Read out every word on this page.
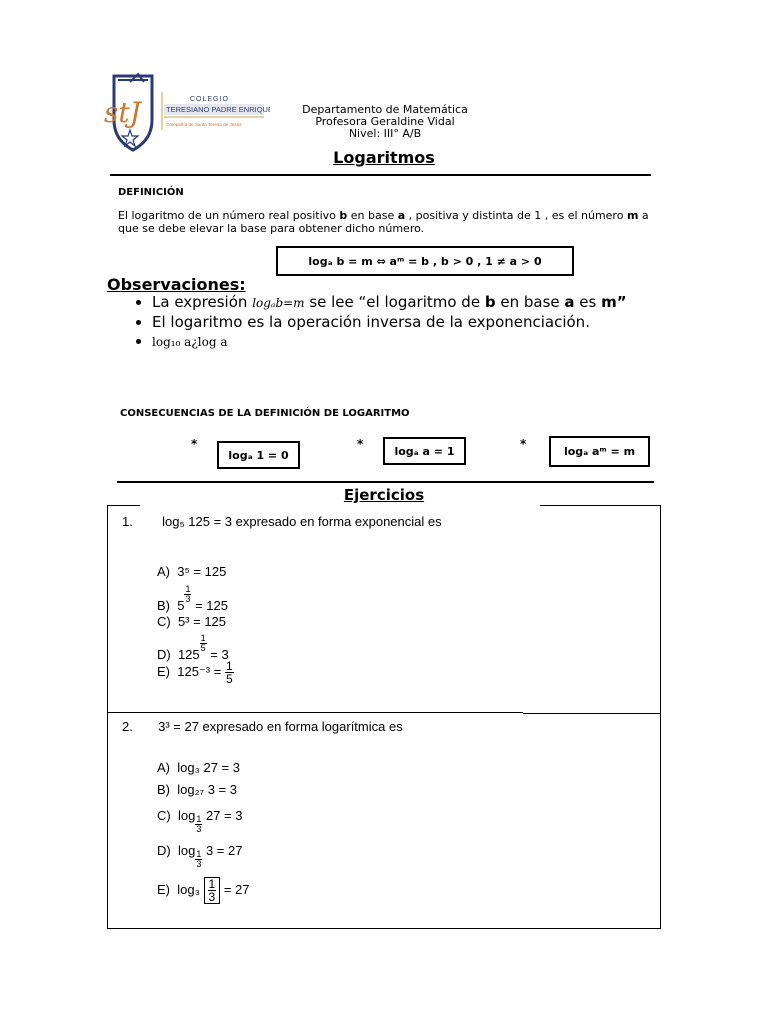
stJ	COLEGIO
TERESIANO PADRE ENRIQUE
Compañía de Santa Teresa de Jesús
Departamento de Matemática
Profesora Geraldine Vidal
Nivel: III° A/B
Logaritmos
DEFINICIÓN
El logaritmo de un número real positivo b en base a , positiva y distinta de 1 , es el número m a que se debe elevar la base para obtener dicho número.
logₐ b = m ⇔ aᵐ = b , b > 0 , 1 ≠ a > 0
Observaciones:
• La expresión logₐb=m se lee “el logaritmo de b en base a es m”
• El logaritmo es la operación inversa de la exponenciación.
• log₁₀ a¿log a
CONSECUENCIAS DE LA DEFINICIÓN DE LOGARITMO
*
logₐ 1 = 0
*	logₐ a = 1	*
logₐ aᵐ = m
Ejercicios
1. log₅ 125 = 3 expresado en forma exponencial es
A) 3⁵ = 125
B) 5
$\frac{1}{3}$
= 125
C) 5³ = 125
D) 125
$\frac{1}{5}$
= 3
E) $125^{-3} = \frac{1}{5}$
2. 3³ = 27 expresado en forma logarítmica es
A) log₃ 27 = 3
B) log₂₇ 3 = 3
C) $\log \frac{1}{3} 27 = 3$
D) $\log \frac{1}{3} 3 = 27$
E) $\log_3 \frac{1}{3} = 27$
